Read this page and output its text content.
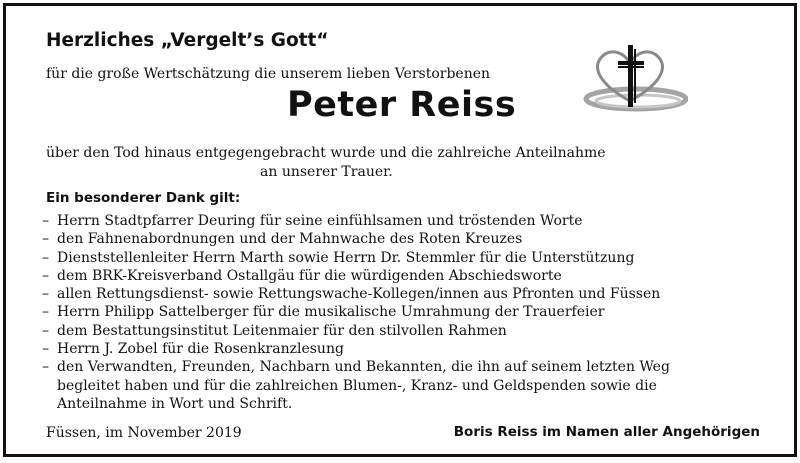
Herzliches „Vergelt’s Gott“
für die große Wertschätzung die unserem lieben Verstorbenen
Peter Reiss
über den Tod hinaus entgegengebracht wurde und die zahlreiche Anteilnahme
an unserer Trauer.
Ein besonderer Dank gilt:
– Herrn Stadtpfarrer Deuring für seine einfühlsamen und tröstenden Worte
– den Fahnenabordnungen und der Mahnwache des Roten Kreuzes
– Dienststellenleiter Herrn Marth sowie Herrn Dr. Stemmler für die Unterstützung
– dem BRK-Kreisverband Ostallgäu für die würdigenden Abschiedsworte
– allen Rettungsdienst- sowie Rettungswache-Kollegen/innen aus Pfronten und Füssen
– Herrn Philipp Sattelberger für die musikalische Umrahmung der Trauerfeier
– dem Bestattungsinstitut Leitenmaier für den stilvollen Rahmen
– Herrn J. Zobel für die Rosenkranzlesung
– den Verwandten, Freunden, Nachbarn und Bekannten, die ihn auf seinem letzten Weg
begleitet haben und für die zahlreichen Blumen-, Kranz- und Geldspenden sowie die
Anteilnahme in Wort und Schrift.
Füssen, im November 2019	Boris Reiss im Namen aller Angehörigen
